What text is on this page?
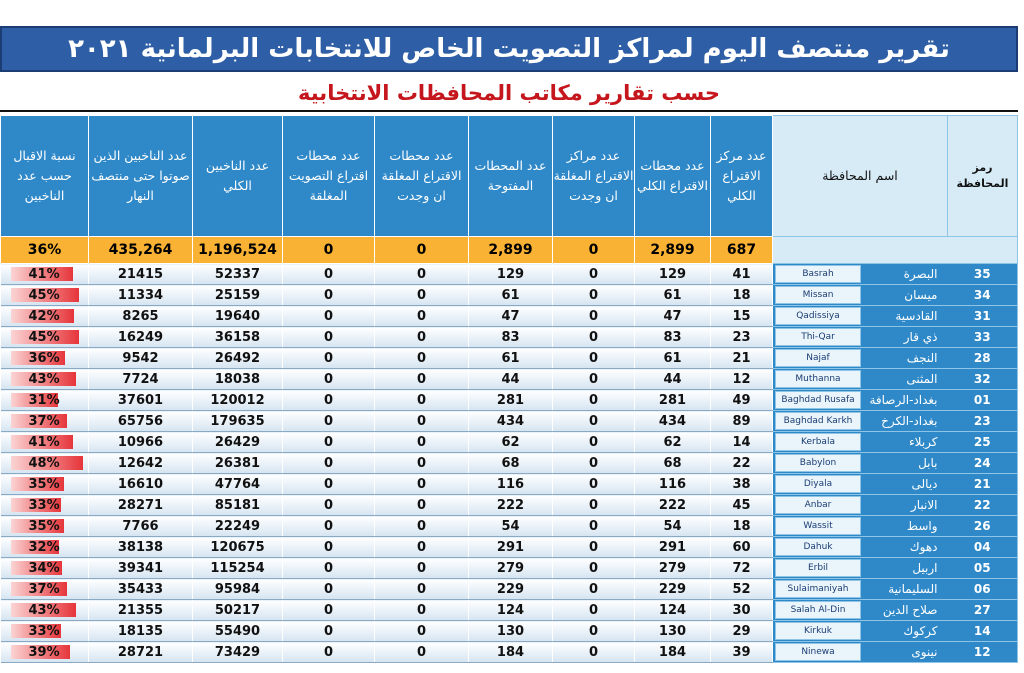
تقرير منتصف اليوم لمراكز التصويت الخاص للانتخابات البرلمانية ٢٠٢١
حسب تقارير مكاتب المحافظات الانتخابية
نسبة الاقبال حسب عدد الناخبين	عدد الناخبين الذين صوتوا حتى منتصف النهار	عدد الناخبين الكلي	عدد محطات اقتراع التصويت المغلقة	عدد محطات الاقتراع المغلقة ان وجدت	عدد المحطات المفتوحة	عدد مراكز الاقتراع المغلقة ان وجدت	عدد محطات الاقتراع الكلي	عدد مركز الاقتراع الكلي	اسم المحافظة	رمز المحافظة
36%	435,264	1,196,524	0	0	2,899	0	2,899	687		

41%	21415	52337	0	0	129	0	129	41	Basrah البصرة	35

45%	11334	25159	0	0	61	0	61	18	Missan ميسان	34

42%	8265	19640	0	0	47	0	47	15	Qadissiya القادسية	31

45%	16249	36158	0	0	83	0	83	23	Thi-Qar ذي قار	33

36%	9542	26492	0	0	61	0	61	21	Najaf النجف	28

43%	7724	18038	0	0	44	0	44	12	Muthanna المثنى	32

31%	37601	120012	0	0	281	0	281	49	Baghdad Rusafa بغداد-الرصافة	01

37%	65756	179635	0	0	434	0	434	89	Baghdad Karkh بغداد-الكرخ	23

41%	10966	26429	0	0	62	0	62	14	Kerbala كربلاء	25

48%	12642	26381	0	0	68	0	68	22	Babylon بابل	24

35%	16610	47764	0	0	116	0	116	38	Diyala ديالى	21

33%	28271	85181	0	0	222	0	222	45	Anbar الانبار	22

35%	7766	22249	0	0	54	0	54	18	Wassit واسط	26

32%	38138	120675	0	0	291	0	291	60	Dahuk دهوك	04

34%	39341	115254	0	0	279	0	279	72	Erbil اربيل	05

37%	35433	95984	0	0	229	0	229	52	Sulaimaniyah السليمانية	06

43%	21355	50217	0	0	124	0	124	30	Salah Al-Din صلاح الدين	27

33%	18135	55490	0	0	130	0	130	29	Kirkuk كركوك	14

39%	28721	73429	0	0	184	0	184	39	Ninewa نينوى	12
